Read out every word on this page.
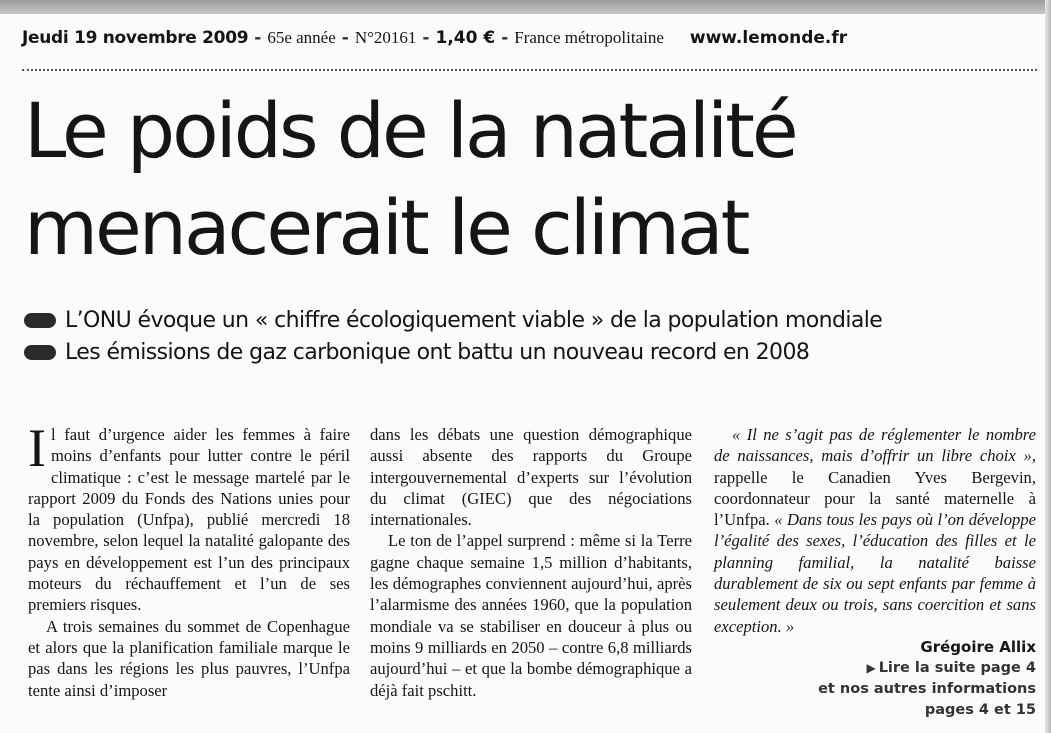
Jeudi 19 novembre 2009 - 65e année - N°20161 - 1,40 € - France métropolitaine www.lemonde.fr
Le poids de la natalité
menacerait le climat
L’ONU évoque un « chiffre écologiquement viable » de la population mondiale
Les émissions de gaz carbonique ont battu un nouveau record en 2008

Il faut d’urgence aider les femmes à faire moins d’enfants pour lutter contre le péril climatique : c’est le message martelé par le rapport 2009 du Fonds des Nations unies pour la population (Unfpa), publié mercredi 18 novembre, selon lequel la natalité galopante des pays en développement est l’un des principaux moteurs du réchauffement et l’un de ses premiers risques.

A trois semaines du sommet de Copenhague et alors que la planification familiale marque le pas dans les régions les plus pauvres, l’Unfpa tente ainsi d’imposer

dans les débats une question démographique aussi absente des rapports du Groupe intergouvernemental d’experts sur l’évolution du climat (GIEC) que des négociations internationales.

Le ton de l’appel surprend : même si la Terre gagne chaque semaine 1,5 million d’habitants, les démographes conviennent aujourd’hui, après l’alarmisme des années 1960, que la population mondiale va se stabiliser en douceur à plus ou moins 9 milliards en 2050 – contre 6,8 milliards aujourd’hui – et que la bombe démographique a déjà fait pschitt.

« Il ne s’agit pas de réglementer le nombre de naissances, mais d’offrir un libre choix », rappelle le Canadien Yves Bergevin, coordonnateur pour la santé maternelle à l’Unfpa. « Dans tous les pays où l’on développe l’égalité des sexes, l’éducation des filles et le planning familial, la natalité baisse durablement de six ou sept enfants par femme à seulement deux ou trois, sans coercition et sans exception. »

Grégoire Allix
▶ Lire la suite page 4
et nos autres informations
pages 4 et 15
